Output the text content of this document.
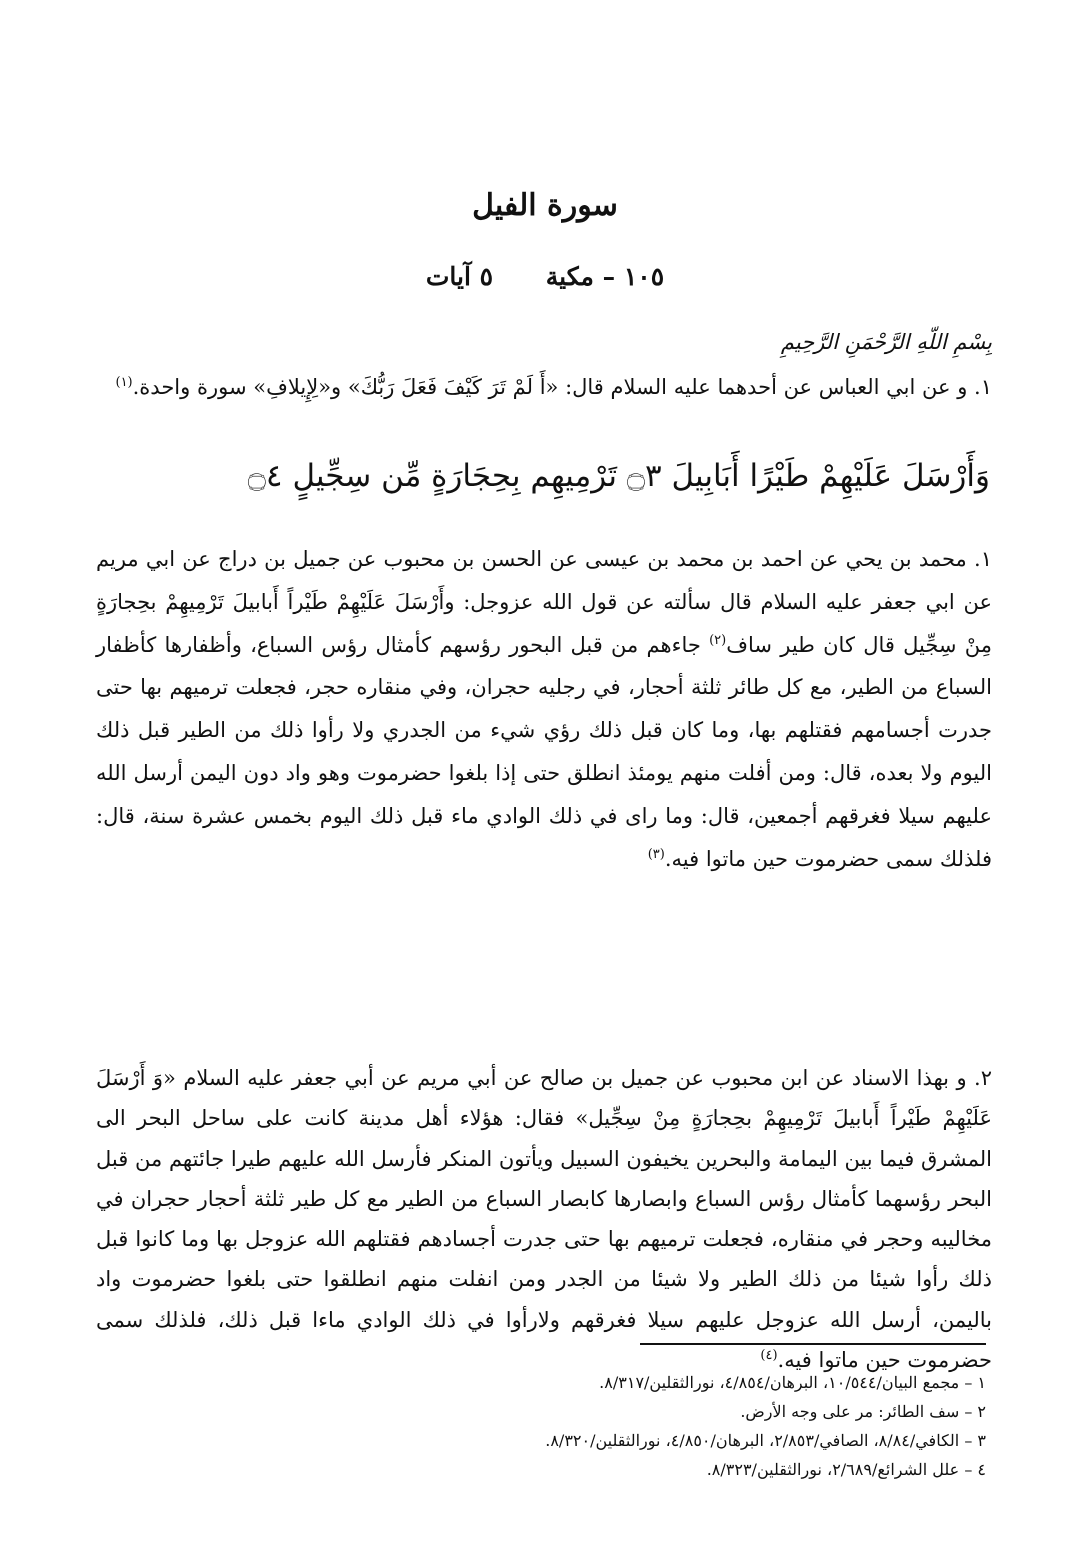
سورة الفيل
١٠٥ – مكية ٥ آيات
بِسْمِ اللّهِ الرَّحْمَنِ الرَّحِيمِ
١. و عن ابي العباس عن أحدهما عليه السلام قال: «أَ لَمْ تَرَ كَيْفَ فَعَلَ رَبُّكَ» و«لِإِيلافِ» سورة واحدة.$^{(١)}$
وَأَرْسَلَ عَلَيْهِمْ طَيْرًا أَبَابِيلَ ۝٣ تَرْمِيهِم بِحِجَارَةٍ مِّن سِجِّيلٍ ۝٤
١. محمد بن يحي عن احمد بن محمد بن عيسى عن الحسن بن محبوب عن جميل بن دراج عن ابي مريم عن ابي جعفر عليه السلام قال سألته عن قول الله عزوجل: وأَرْسَلَ عَلَيْهِمْ طَيْراً أَبابيلَ تَرْمِيهِمْ بحِجارَةٍ مِنْ سِجِّيل قال كان طير ساف$^{(٢)}$ جاءهم من قبل البحور رؤسهم كأمثال رؤس السباع، وأظفارها كأظفار السباع من الطير، مع كل طائر ثلثة أحجار، في رجليه حجران، وفي منقاره حجر، فجعلت ترميهم بها حتى جدرت أجسامهم فقتلهم بها، وما كان قبل ذلك رؤي شيء من الجدري ولا رأوا ذلك من الطير قبل ذلك اليوم ولا بعده، قال: ومن أفلت منهم يومئذ انطلق حتى إذا بلغوا حضرموت وهو واد دون اليمن أرسل الله عليهم سيلا فغرقهم أجمعين، قال: وما راى في ذلك الوادي ماء قبل ذلك اليوم بخمس عشرة سنة، قال: فلذلك سمى حضرموت حين ماتوا فيه.$^{(٣)}$
٢. و بهذا الاسناد عن ابن محبوب عن جميل بن صالح عن أبي مريم عن أبي جعفر عليه السلام «وَ أَرْسَلَ عَلَيْهِمْ طَيْراً أَبابيلَ تَرْمِيهِمْ بحِجارَةٍ مِنْ سِجِّيل» فقال: هؤلاء أهل مدينة كانت على ساحل البحر الى المشرق فيما بين اليمامة والبحرين يخيفون السبيل ويأتون المنكر فأرسل الله عليهم طيرا جائتهم من قبل البحر رؤسهما كأمثال رؤس السباع وابصارها كابصار السباع من الطير مع كل طير ثلثة أحجار حجران في مخاليبه وحجر في منقاره، فجعلت ترميهم بها حتى جدرت أجسادهم فقتلهم الله عزوجل بها وما كانوا قبل ذلك رأوا شيئا من ذلك الطير ولا شيئا من الجدر ومن انفلت منهم انطلقوا حتى بلغوا حضرموت واد باليمن، أرسل الله عزوجل عليهم سيلا فغرقهم ولارأوا في ذلك الوادي ماءا قبل ذلك، فلذلك سمى حضرموت حين ماتوا فيه.$^{(٤)}$
١ – مجمع البيان/١٠/٥٤٤، البرهان/٤/٨٥٤، نورالثقلين/٨/٣١٧.
٢ – سف الطائر: مر على وجه الأرض.
٣ – الكافي/٨/٨٤، الصافي/٢/٨٥٣، البرهان/٤/٨٥٠، نورالثقلين/٨/٣٢٠.
٤ – علل الشرائع/٢/٦٨٩، نورالثقلين/٨/٣٢٣.
